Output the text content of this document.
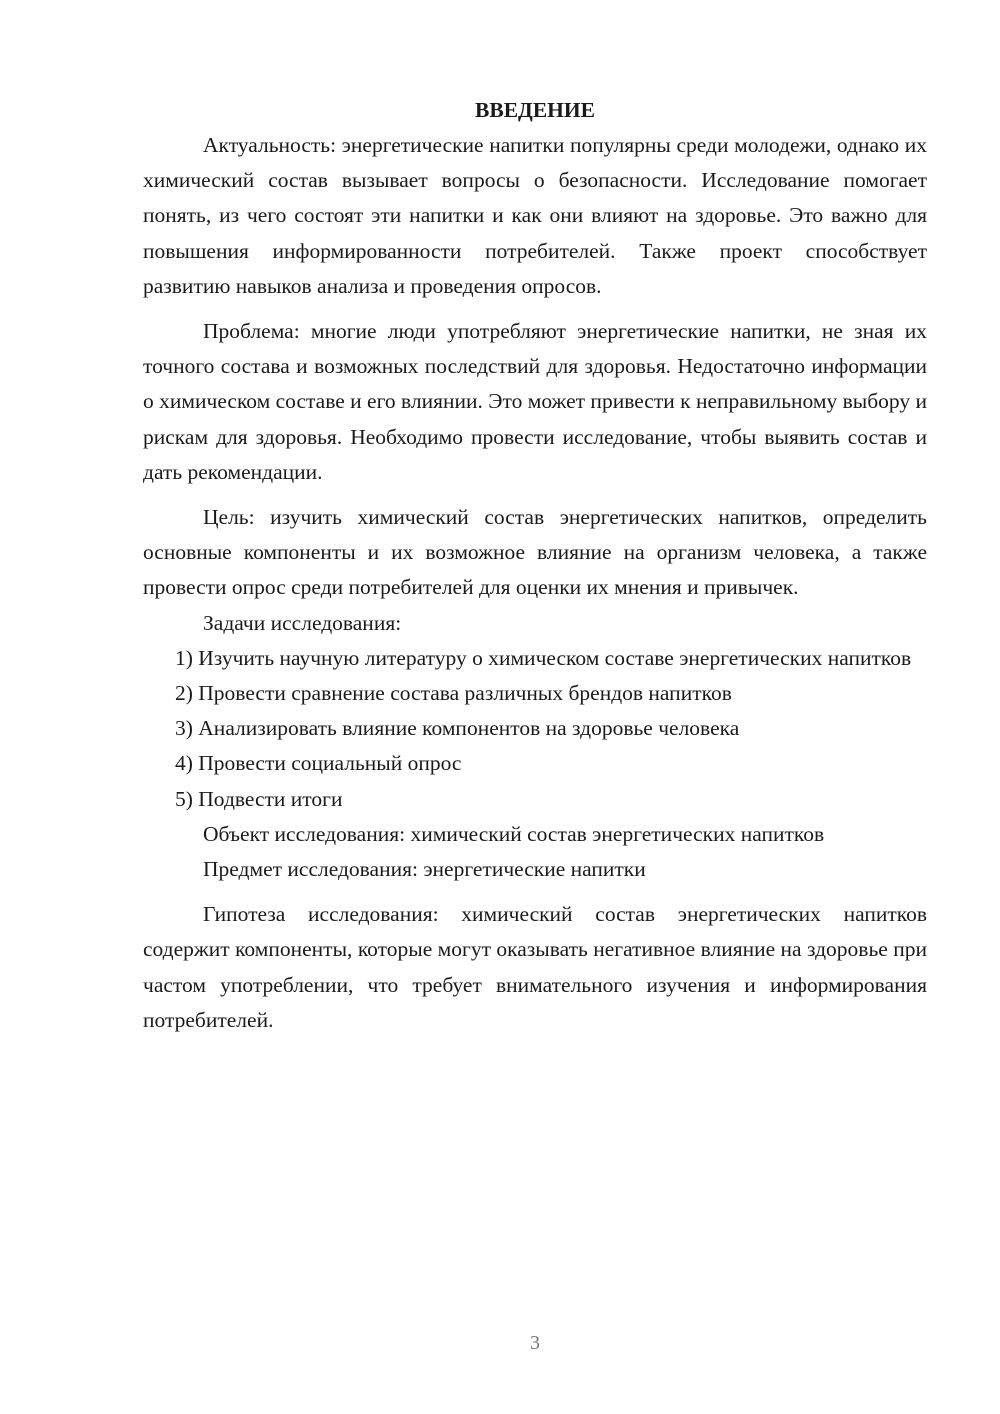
ВВЕДЕНИЕ

Актуальность: энергетические напитки популярны среди молодежи, однако их химический состав вызывает вопросы о безопасности. Исследование помогает понять, из чего состоят эти напитки и как они влияют на здоровье. Это важно для повышения информированности потребителей. Также проект способствует развитию навыков анализа и проведения опросов.

Проблема: многие люди употребляют энергетические напитки, не зная их точного состава и возможных последствий для здоровья. Недостаточно информации о химическом составе и его влиянии. Это может привести к неправильному выбору и рискам для здоровья. Необходимо провести исследование, чтобы выявить состав и дать рекомендации.

Цель: изучить химический состав энергетических напитков, определить основные компоненты и их возможное влияние на организм человека, а также провести опрос среди потребителей для оценки их мнения и привычек.

Задачи исследования:

1) Изучить научную литературу о химическом составе энергетических напитков

2) Провести сравнение состава различных брендов напитков

3) Анализировать влияние компонентов на здоровье человека

4) Провести социальный опрос

5) Подвести итоги

Объект исследования: химический состав энергетических напитков

Предмет исследования: энергетические напитки

Гипотеза исследования: химический состав энергетических напитков содержит компоненты, которые могут оказывать негативное влияние на здоровье при частом употреблении, что требует внимательного изучения и информирования потребителей.

3
